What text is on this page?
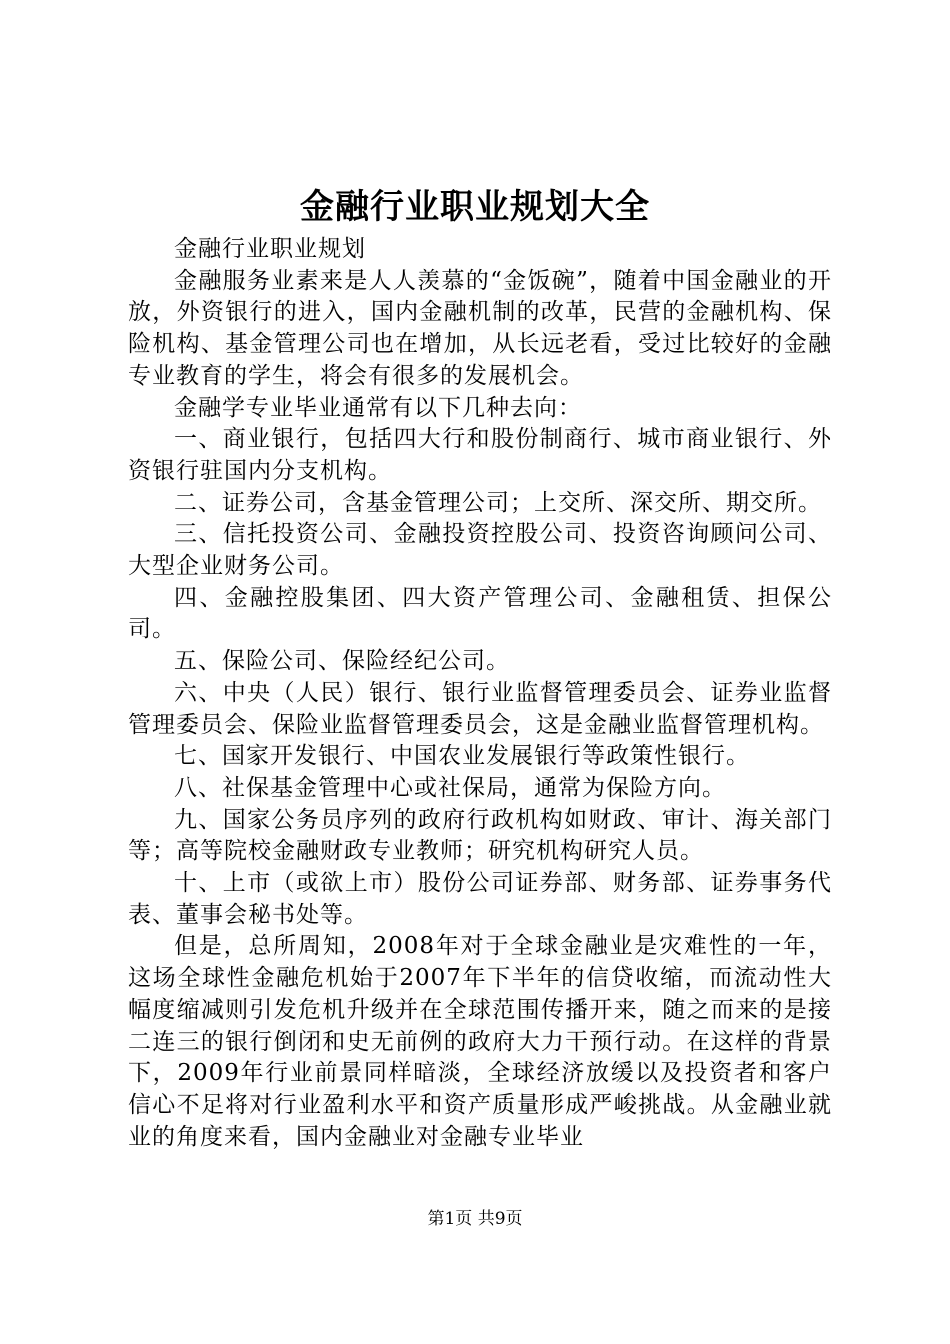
金融行业职业规划大全

金融行业职业规划

金融服务业素来是人人羡慕的“金饭碗”，随着中国金融业的开放，外资银行的进入，国内金融机制的改革，民营的金融机构、保险机构、基金管理公司也在增加，从长远老看，受过比较好的金融专业教育的学生，将会有很多的发展机会。

金融学专业毕业通常有以下几种去向：

一、商业银行，包括四大行和股份制商行、城市商业银行、外资银行驻国内分支机构。

二、证券公司，含基金管理公司；上交所、深交所、期交所。

三、信托投资公司、金融投资控股公司、投资咨询顾问公司、大型企业财务公司。

四、金融控股集团、四大资产管理公司、金融租赁、担保公司。

五、保险公司、保险经纪公司。

六、中央（人民）银行、银行业监督管理委员会、证券业监督管理委员会、保险业监督管理委员会，这是金融业监督管理机构。

七、国家开发银行、中国农业发展银行等政策性银行。

八、社保基金管理中心或社保局，通常为保险方向。

九、国家公务员序列的政府行政机构如财政、审计、海关部门等；高等院校金融财政专业教师；研究机构研究人员。

十、上市（或欲上市）股份公司证券部、财务部、证券事务代表、董事会秘书处等。

但是，总所周知，2008年对于全球金融业是灾难性的一年，这场全球性金融危机始于2007年下半年的信贷收缩，而流动性大幅度缩减则引发危机升级并在全球范围传播开来，随之而来的是接二连三的银行倒闭和史无前例的政府大力干预行动。在这样的背景下，2009年行业前景同样暗淡，全球经济放缓以及投资者和客户信心不足将对行业盈利水平和资产质量形成严峻挑战。从金融业就业的角度来看，国内金融业对金融专业毕业

第1页 共9页
